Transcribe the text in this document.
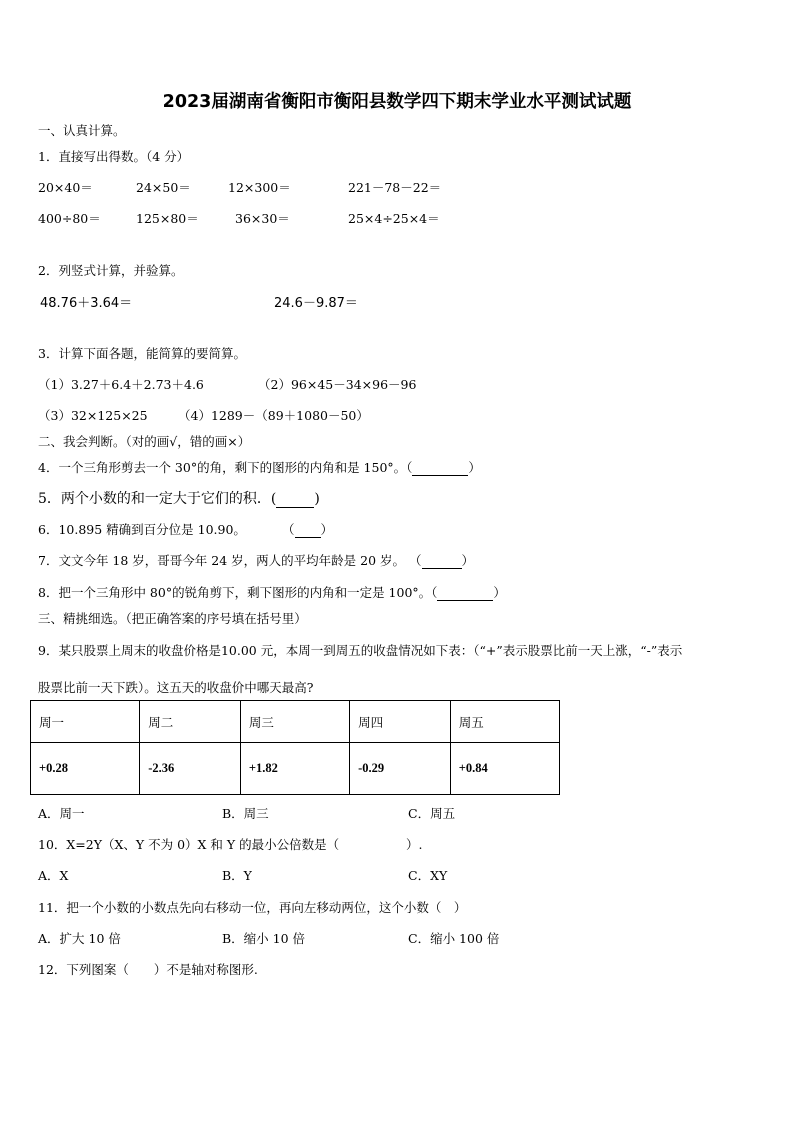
2023届湖南省衡阳市衡阳县数学四下期末学业水平测试试题
一、认真计算。
1．直接写出得数。（4 分）
20×40＝	24×50＝	12×300＝	221－78－22＝
400÷80＝	125×80＝	36×30＝	25×4÷25×4＝
2．列竖式计算，并验算。
48.76＋3.64＝	24.6－9.87＝
3．计算下面各题，能简算的要简算。
（1）3.27＋6.4＋2.73＋4.6	（2）96×45－34×96－96
（3）32×125×25 （4）1289－（89＋1080－50）
二、我会判断。（对的画√，错的画×）
4．一个三角形剪去一个 30°的角，剩下的图形的内角和是 150°。（	）
5．两个小数的和一定大于它们的积．(	)
6．10.895 精确到百分位是 10.90。	（ ）
7．文文今年 18 岁，哥哥今年 24 岁，两人的平均年龄是 20 岁。 （	）
8．把一个三角形中 80°的锐角剪下，剩下图形的内角和一定是 100°。（	）
三、精挑细选。（把正确答案的序号填在括号里）
9．某只股票上周末的收盘价格是10.00 元，本周一到周五的收盘情况如下表：（“+”表示股票比前一天上涨，“-”表示
股票比前一天下跌）。这五天的收盘价中哪天最高?
周一	周二	周三	周四	周五
+0.28	-2.36	+1.82	-0.29	+0.84
A．周一	B．周三	C．周五
10．X=2Y（X、Y 不为 0）X 和 Y 的最小公倍数是（	）.
A．X	B．Y	C．XY
11．把一个小数的小数点先向右移动一位，再向左移动两位，这个小数（　）
A．扩大 10 倍	B．缩小 10 倍	C．缩小 100 倍
12．下列图案（　　）不是轴对称图形.
